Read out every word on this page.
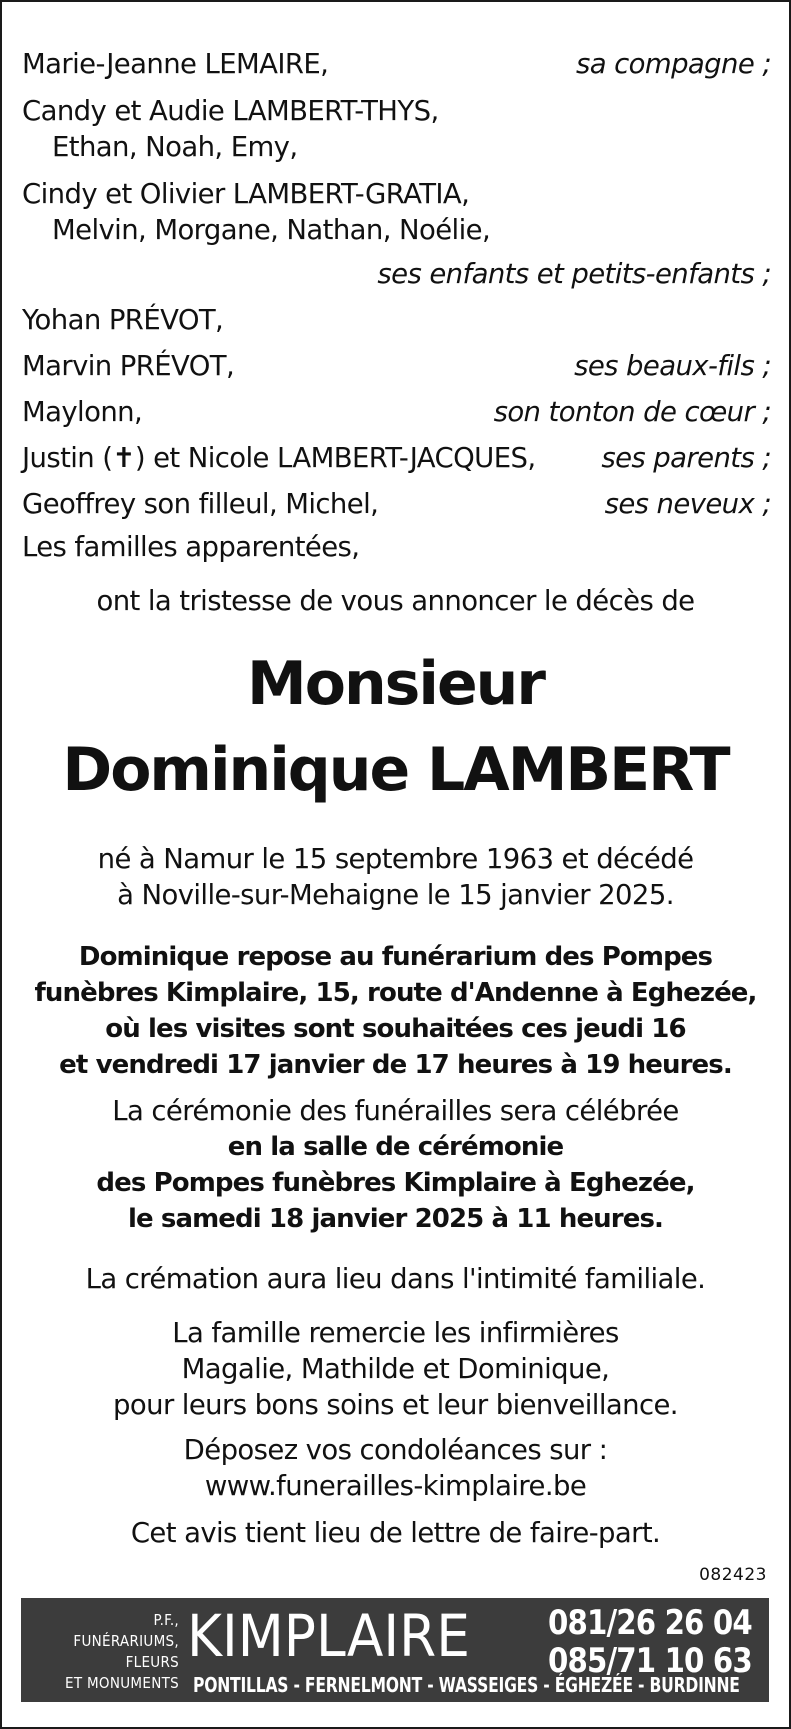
Marie-Jeanne LEMAIRE,	sa compagne ;
Candy et Audie LAMBERT-THYS,
Ethan, Noah, Emy,
Cindy et Olivier LAMBERT-GRATIA,
Melvin, Morgane, Nathan, Noélie,
ses enfants et petits-enfants ;
Yohan PRÉVOT,
Marvin PRÉVOT,	ses beaux-fils ;
Maylonn,	son tonton de cœur ;
Justin (✝) et Nicole LAMBERT-JACQUES, ses parents ;
Geoffrey son filleul, Michel,	ses neveux ;
Les familles apparentées,
ont la tristesse de vous annoncer le décès de
Monsieur
Dominique LAMBERT
né à Namur le 15 septembre 1963 et décédé
à Noville-sur-Mehaigne le 15 janvier 2025.
Dominique repose au funérarium des Pompes
funèbres Kimplaire, 15, route d'Andenne à Eghezée,
où les visites sont souhaitées ces jeudi 16
et vendredi 17 janvier de 17 heures à 19 heures.
La cérémonie des funérailles sera célébrée
en la salle de cérémonie
des Pompes funèbres Kimplaire à Eghezée,
le samedi 18 janvier 2025 à 11 heures.
La crémation aura lieu dans l'intimité familiale.
La famille remercie les infirmières
Magalie, Mathilde et Dominique,
pour leurs bons soins et leur bienveillance.
Déposez vos condoléances sur :
www.funerailles-kimplaire.be
Cet avis tient lieu de lettre de faire-part.
082423
P.F.,
FUNÉRARIUMS,
FLEURS
ET MONUMENTS
KIMPLAIRE 081/26 26 04
085/71 10 63
PONTILLAS - FERNELMONT - WASSEIGES - ÉGHEZÉE - BURDINNE
